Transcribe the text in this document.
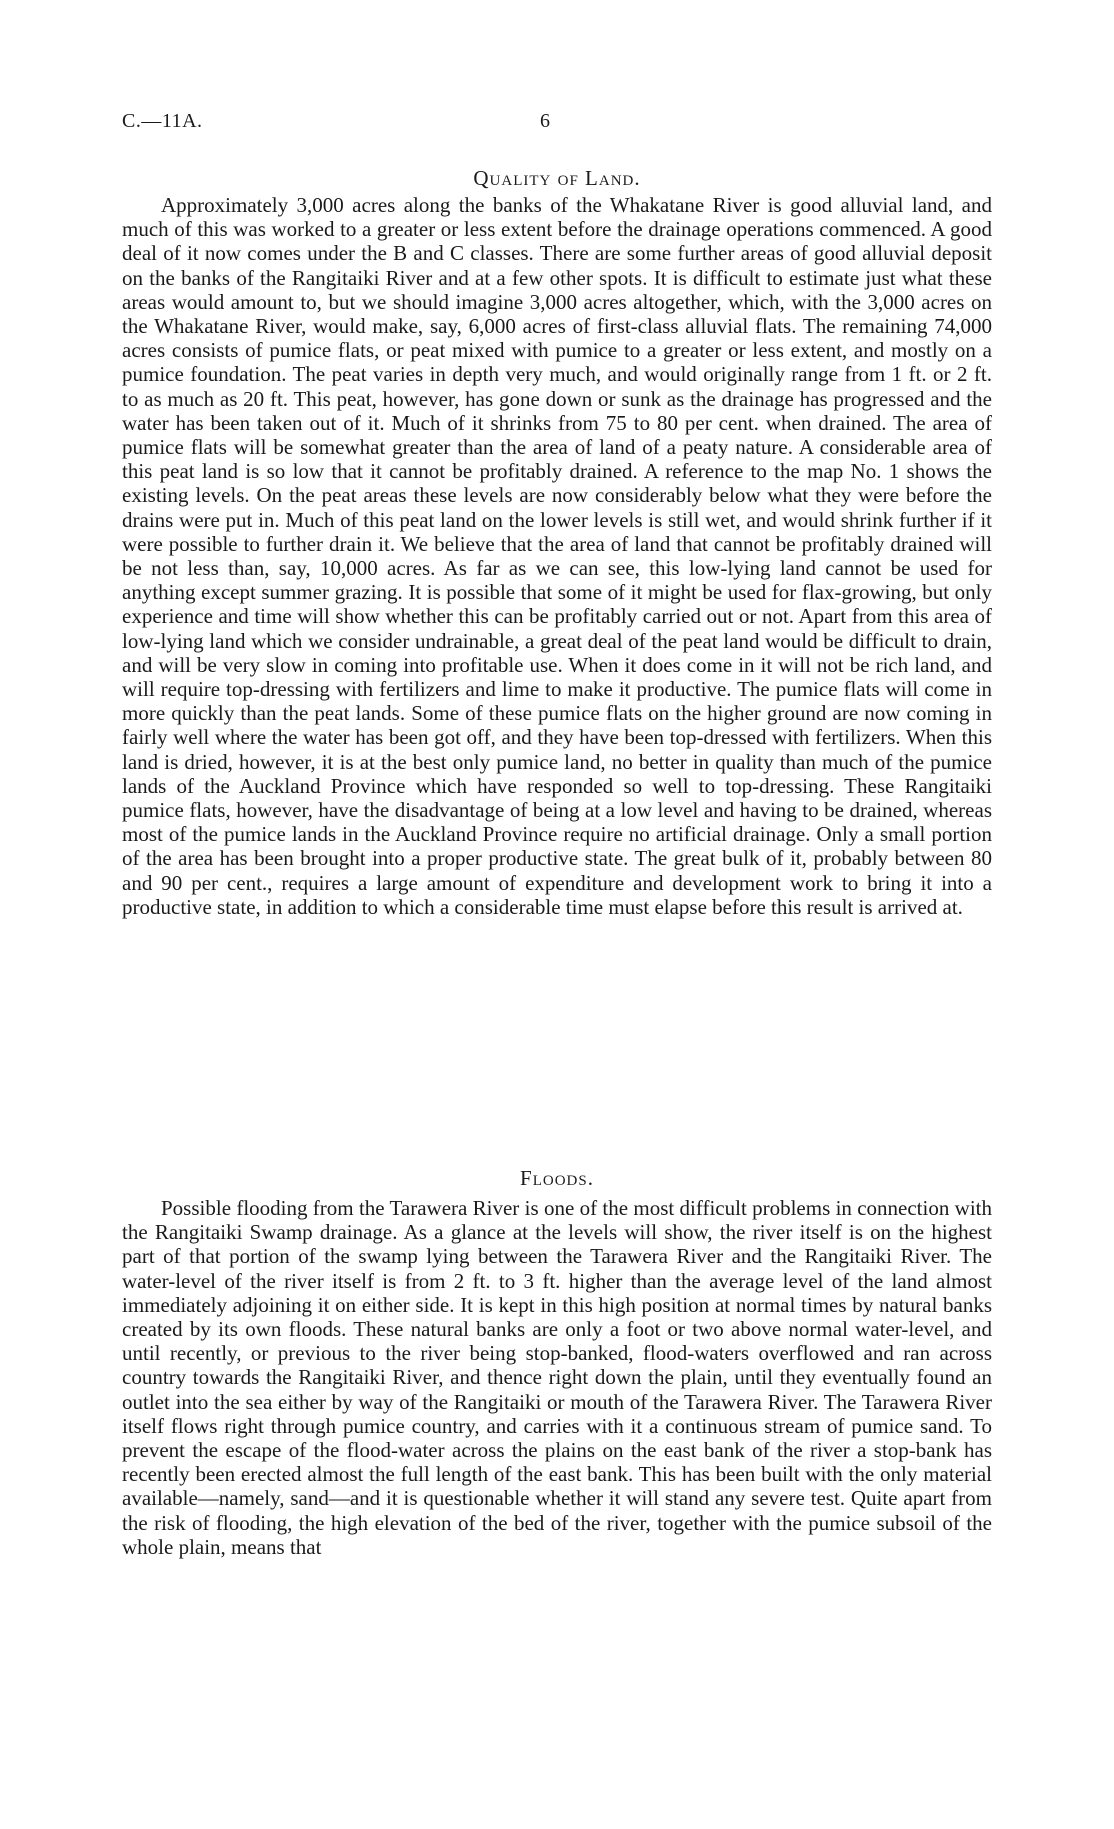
C.—11A.	6
Quality of Land.

Approximately 3,000 acres along the banks of the Whakatane River is good alluvial land, and much of this was worked to a greater or less extent before the drainage operations commenced. A good deal of it now comes under the B and C classes. There are some further areas of good alluvial deposit on the banks of the Rangitaiki River and at a few other spots. It is difficult to estimate just what these areas would amount to, but we should imagine 3,000 acres altogether, which, with the 3,000 acres on the Whakatane River, would make, say, 6,000 acres of first-class alluvial flats. The remaining 74,000 acres consists of pumice flats, or peat mixed with pumice to a greater or less extent, and mostly on a pumice foundation. The peat varies in depth very much, and would originally range from 1 ft. or 2 ft. to as much as 20 ft. This peat, however, has gone down or sunk as the drainage has progressed and the water has been taken out of it. Much of it shrinks from 75 to 80 per cent. when drained. The area of pumice flats will be somewhat greater than the area of land of a peaty nature. A considerable area of this peat land is so low that it cannot be profitably drained. A reference to the map No. 1 shows the existing levels. On the peat areas these levels are now considerably below what they were before the drains were put in. Much of this peat land on the lower levels is still wet, and would shrink further if it were possible to further drain it. We believe that the area of land that cannot be profitably drained will be not less than, say, 10,000 acres. As far as we can see, this low-lying land cannot be used for anything except summer grazing. It is possible that some of it might be used for flax-growing, but only experience and time will show whether this can be profitably carried out or not. Apart from this area of low-lying land which we consider undrainable, a great deal of the peat land would be difficult to drain, and will be very slow in coming into profitable use. When it does come in it will not be rich land, and will require top-dressing with fertilizers and lime to make it productive. The pumice flats will come in more quickly than the peat lands. Some of these pumice flats on the higher ground are now coming in fairly well where the water has been got off, and they have been top-dressed with fertilizers. When this land is dried, however, it is at the best only pumice land, no better in quality than much of the pumice lands of the Auckland Province which have responded so well to top-dressing. These Rangitaiki pumice flats, however, have the disadvantage of being at a low level and having to be drained, whereas most of the pumice lands in the Auckland Province require no artificial drainage. Only a small portion of the area has been brought into a proper productive state. The great bulk of it, probably between 80 and 90 per cent., requires a large amount of expenditure and development work to bring it into a productive state, in addition to which a considerable time must elapse before this result is arrived at.

Floods.

Possible flooding from the Tarawera River is one of the most difficult problems in connection with the Rangitaiki Swamp drainage. As a glance at the levels will show, the river itself is on the highest part of that portion of the swamp lying between the Tarawera River and the Rangitaiki River. The water-level of the river itself is from 2 ft. to 3 ft. higher than the average level of the land almost immediately adjoining it on either side. It is kept in this high position at normal times by natural banks created by its own floods. These natural banks are only a foot or two above normal water-level, and until recently, or previous to the river being stop-banked, flood-waters overflowed and ran across country towards the Rangitaiki River, and thence right down the plain, until they eventually found an outlet into the sea either by way of the Rangitaiki or mouth of the Tarawera River. The Tarawera River itself flows right through pumice country, and carries with it a continuous stream of pumice sand. To prevent the escape of the flood-water across the plains on the east bank of the river a stop-bank has recently been erected almost the full length of the east bank. This has been built with the only material available—namely, sand—and it is questionable whether it will stand any severe test. Quite apart from the risk of flooding, the high elevation of the bed of the river, together with the pumice subsoil of the whole plain, means that
